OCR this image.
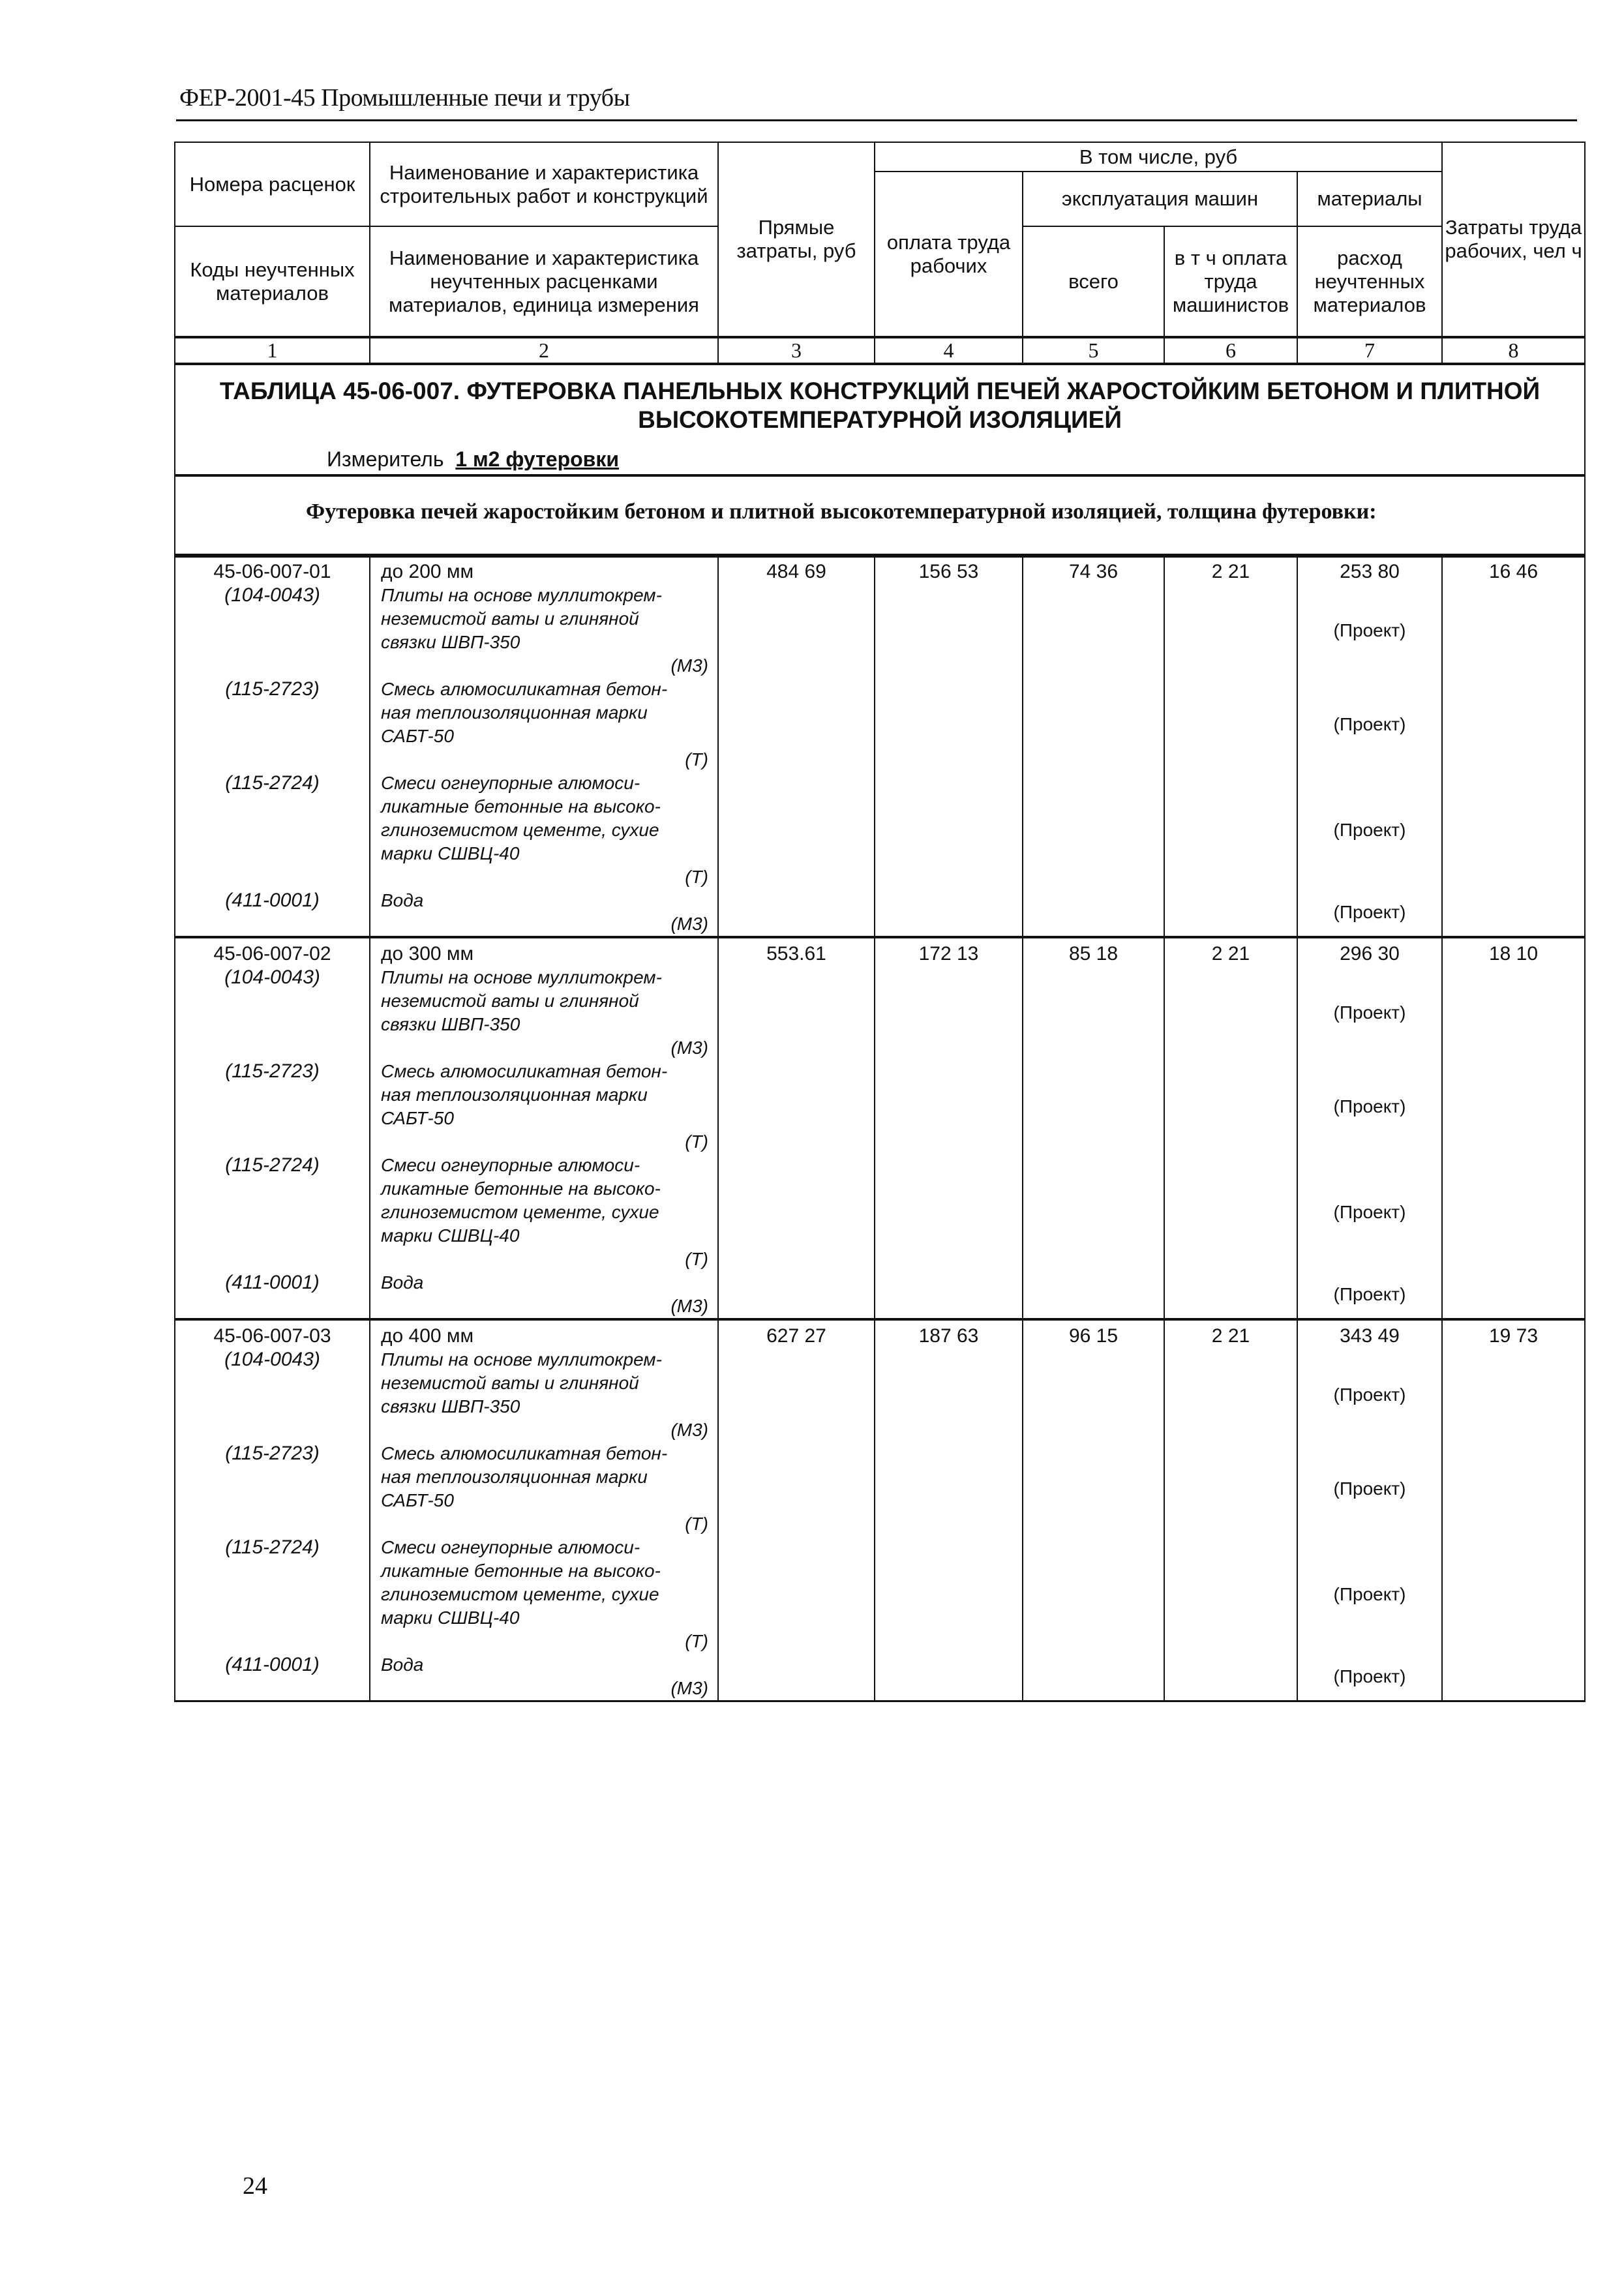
ФЕР-2001-45 Промышленные печи и трубы
Номера расценок	Наименование и характеристика строительных работ и конструкций	Прямые затраты, руб	В том числе, руб				Затраты труда рабочих, чел ч
			оплата труда рабочих	эксплуатация машин		материалы	
Коды неучтенных материалов	Наименование и характеристика неучтенных расценками материалов, единица измерения			всего	в т ч оплата труда машинистов	расход неучтенных материалов	
1	2	3	4	5	6	7	8

ТАБЛИЦА 45-06-007. ФУТЕРОВКА ПАНЕЛЬНЫХ КОНСТРУКЦИЙ ПЕЧЕЙ ЖАРОСТОЙКИМ БЕТОНОМ И ПЛИТНОЙ ВЫСОКОТЕМПЕРАТУРНОЙ ИЗОЛЯЦИЕЙ
Измеритель 1 м2 футеровки							

Футеровка печей жаростойким бетоном и плитной высокотемпературной изоляцией, толщина футеровки:							
45-06-007-01	до 200 мм	484 69	156 53	74 36	2 21	253 80	16 46
(104-0043)	Плиты на основе муллитокрем-
неземистой ваты и глиняной
связки ШВП-350
(М3)					(Проект)	
(115-2723)	Смесь алюмосиликатная бетон-
ная теплоизоляционная марки
САБТ-50
(Т)					(Проект)	
(115-2724)	Смеси огнеупорные алюмоси-
ликатные бетонные на высоко-
глиноземистом цементе, сухие
марки СШВЦ-40
(Т)					(Проект)	
(411-0001)	Вода
(М3)					(Проект)	
45-06-007-02	до 300 мм	553.61	172 13	85 18	2 21	296 30	18 10
(104-0043)	Плиты на основе муллитокрем-
неземистой ваты и глиняной
связки ШВП-350
(М3)					(Проект)	
(115-2723)	Смесь алюмосиликатная бетон-
ная теплоизоляционная марки
САБТ-50
(Т)					(Проект)	
(115-2724)	Смеси огнеупорные алюмоси-
ликатные бетонные на высоко-
глиноземистом цементе, сухие
марки СШВЦ-40
(Т)					(Проект)	
(411-0001)	Вода
(М3)					(Проект)	
45-06-007-03	до 400 мм	627 27	187 63	96 15	2 21	343 49	19 73
(104-0043)	Плиты на основе муллитокрем-
неземистой ваты и глиняной
связки ШВП-350
(М3)					(Проект)	
(115-2723)	Смесь алюмосиликатная бетон-
ная теплоизоляционная марки
САБТ-50
(Т)					(Проект)	
(115-2724)	Смеси огнеупорные алюмоси-
ликатные бетонные на высоко-
глиноземистом цементе, сухие
марки СШВЦ-40
(Т)					(Проект)	
(411-0001)	Вода
(М3)					(Проект)	
24
